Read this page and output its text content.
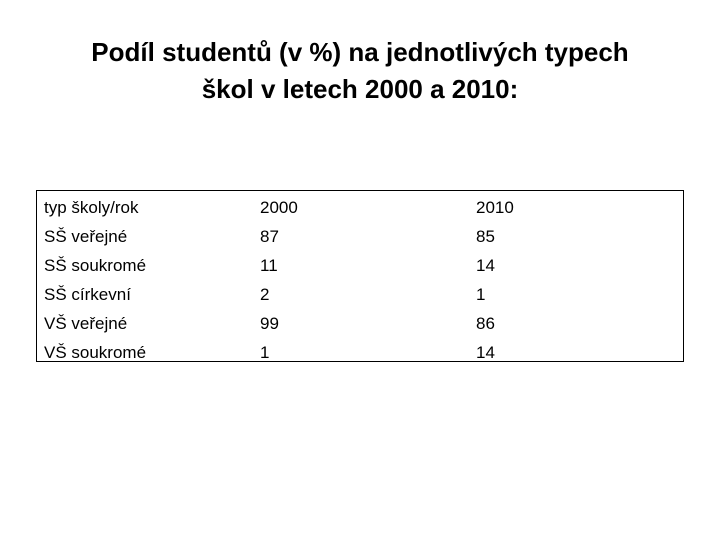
Podíl studentů (v %) na jednotlivých typech
škol v letech 2000 a 2010:
typ školy/rok	2000	2010
SŠ veřejné	87	85
SŠ soukromé	11	14
SŠ církevní	2	1
VŠ veřejné	99	86
VŠ soukromé	1	14
